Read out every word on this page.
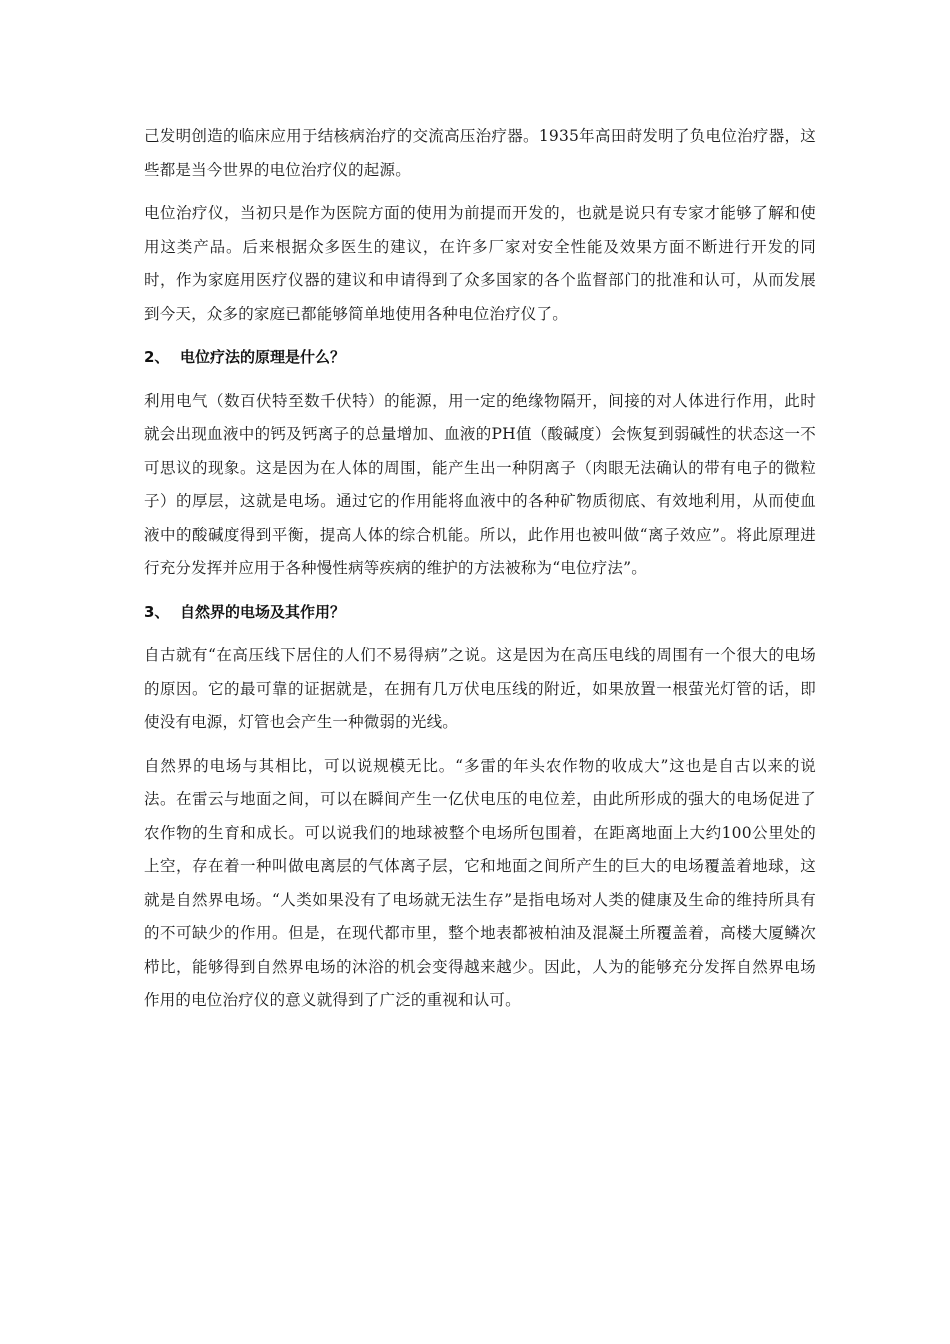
己发明创造的临床应用于结核病治疗的交流高压治疗器。1935年高田莳发明了负电位治疗器，这些都是当今世界的电位治疗仪的起源。

电位治疗仪，当初只是作为医院方面的使用为前提而开发的，也就是说只有专家才能够了解和使用这类产品。后来根据众多医生的建议，在许多厂家对安全性能及效果方面不断进行开发的同时，作为家庭用医疗仪器的建议和申请得到了众多国家的各个监督部门的批准和认可，从而发展到今天，众多的家庭已都能够简单地使用各种电位治疗仪了。

2、 电位疗法的原理是什么？

利用电气（数百伏特至数千伏特）的能源，用一定的绝缘物隔开，间接的对人体进行作用，此时就会出现血液中的钙及钙离子的总量增加、血液的PH值（酸碱度）会恢复到弱碱性的状态这一不可思议的现象。这是因为在人体的周围，能产生出一种阴离子（肉眼无法确认的带有电子的微粒子）的厚层，这就是电场。通过它的作用能将血液中的各种矿物质彻底、有效地利用，从而使血液中的酸碱度得到平衡，提高人体的综合机能。所以，此作用也被叫做“离子效应”。将此原理进行充分发挥并应用于各种慢性病等疾病的维护的方法被称为“电位疗法”。

3、 自然界的电场及其作用？

自古就有“在高压线下居住的人们不易得病”之说。这是因为在高压电线的周围有一个很大的电场的原因。它的最可靠的证据就是，在拥有几万伏电压线的附近，如果放置一根萤光灯管的话，即使没有电源，灯管也会产生一种微弱的光线。

自然界的电场与其相比，可以说规模无比。“多雷的年头农作物的收成大”这也是自古以来的说法。在雷云与地面之间，可以在瞬间产生一亿伏电压的电位差，由此所形成的强大的电场促进了农作物的生育和成长。可以说我们的地球被整个电场所包围着，在距离地面上大约100公里处的上空，存在着一种叫做电离层的气体离子层，它和地面之间所产生的巨大的电场覆盖着地球，这就是自然界电场。“人类如果没有了电场就无法生存”是指电场对人类的健康及生命的维持所具有的不可缺少的作用。但是，在现代都市里，整个地表都被柏油及混凝土所覆盖着，高楼大厦鳞次栉比，能够得到自然界电场的沐浴的机会变得越来越少。因此，人为的能够充分发挥自然界电场作用的电位治疗仪的意义就得到了广泛的重视和认可。
